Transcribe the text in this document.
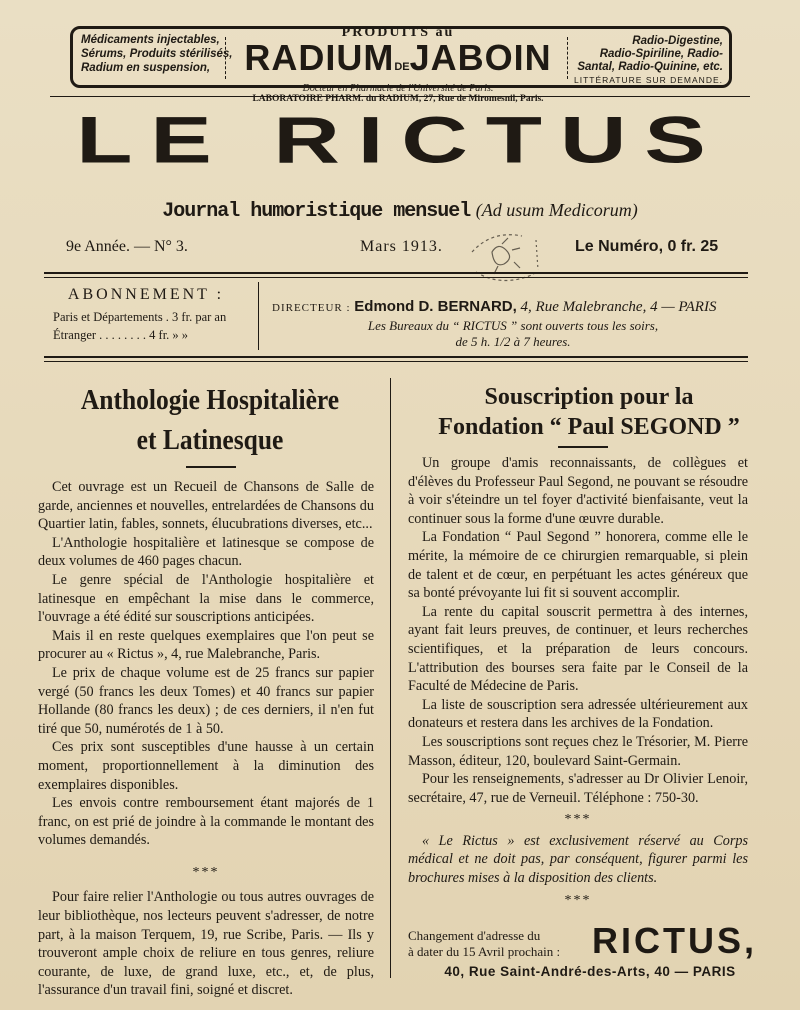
Médicaments injectables,
Sérums, Produits stérilisés,
Radium en suspension,
PRODUITS au
RADIUMDEJABOIN
Docteur en Pharmacie de l'Université de Paris.
LABORATOIRE PHARM. du RADIUM, 27, Rue de Miromesnil, Paris.
Radio-Digestine,
Radio-Spiriline, Radio-
Santal, Radio-Quinine, etc.
LITTÉRATURE SUR DEMANDE.
LE RICTUS
Journal humoristique mensuel (Ad usum Medicorum)
9e Année. — N° 3.	Mars 1913.	Le Numéro, 0 fr. 25
ABONNEMENT :
Paris et Départements . 3 fr. par an
Étranger . . . . . . . . 4 fr. » »
DIRECTEUR : Edmond D. BERNARD, 4, Rue Malebranche, 4 — PARIS
Les Bureaux du “ RICTUS ” sont ouverts tous les soirs,
de 5 h. 1/2 à 7 heures.
Anthologie Hospitalière
et Latinesque

Cet ouvrage est un Recueil de Chansons de Salle de garde, anciennes et nouvelles, entrelardées de Chansons du Quartier latin, fables, sonnets, élucubrations diverses, etc...

L'Anthologie hospitalière et latinesque se compose de deux volumes de 460 pages chacun.

Le genre spécial de l'Anthologie hospitalière et latinesque en empêchant la mise dans le commerce, l'ouvrage a été édité sur souscriptions anticipées.

Mais il en reste quelques exemplaires que l'on peut se procurer au « Rictus », 4, rue Malebranche, Paris.

Le prix de chaque volume est de 25 francs sur papier vergé (50 francs les deux Tomes) et 40 francs sur papier Hollande (80 francs les deux) ; de ces derniers, il n'en fut tiré que 50, numérotés de 1 à 50.

Ces prix sont susceptibles d'une hausse à un certain moment, proportionnellement à la diminution des exemplaires disponibles.

Les envois contre remboursement étant majorés de 1 franc, on est prié de joindre à la commande le montant des volumes demandés.

***

Pour faire relier l'Anthologie ou tous autres ouvrages de leur bibliothèque, nos lecteurs peuvent s'adresser, de notre part, à la maison Terquem, 19, rue Scribe, Paris. — Ils y trouveront ample choix de reliure en tous genres, reliure courante, de luxe, de grand luxe, etc., et, de plus, l'assurance d'un travail fini, soigné et discret.

Souscription pour la
Fondation “ Paul SEGOND ”

Un groupe d'amis reconnaissants, de collègues et d'élèves du Professeur Paul Segond, ne pouvant se résoudre à voir s'éteindre un tel foyer d'activité bienfaisante, veut la continuer sous la forme d'une œuvre durable.

La Fondation “ Paul Segond ” honorera, comme elle le mérite, la mémoire de ce chirurgien remarquable, si plein de talent et de cœur, en perpétuant les actes généreux que sa bonté prévoyante lui fit si souvent accomplir.

La rente du capital souscrit permettra à des internes, ayant fait leurs preuves, de continuer, et leurs recherches scientifiques, et la préparation de leurs concours. L'attribution des bourses sera faite par le Conseil de la Faculté de Médecine de Paris.

La liste de souscription sera adressée ultérieurement aux donateurs et restera dans les archives de la Fondation.

Les souscriptions sont reçues chez le Trésorier, M. Pierre Masson, éditeur, 120, boulevard Saint-Germain.

Pour les renseignements, s'adresser au Dr Olivier Lenoir, secrétaire, 47, rue de Verneuil. Téléphone : 750-30.

***

« Le Rictus » est exclusivement réservé au Corps médical et ne doit pas, par conséquent, figurer parmi les brochures mises à la disposition des clients.

***
Changement d'adresse du
à dater du 15 Avril prochain : RICTUS,
40, Rue Saint-André-des-Arts, 40 — PARIS
